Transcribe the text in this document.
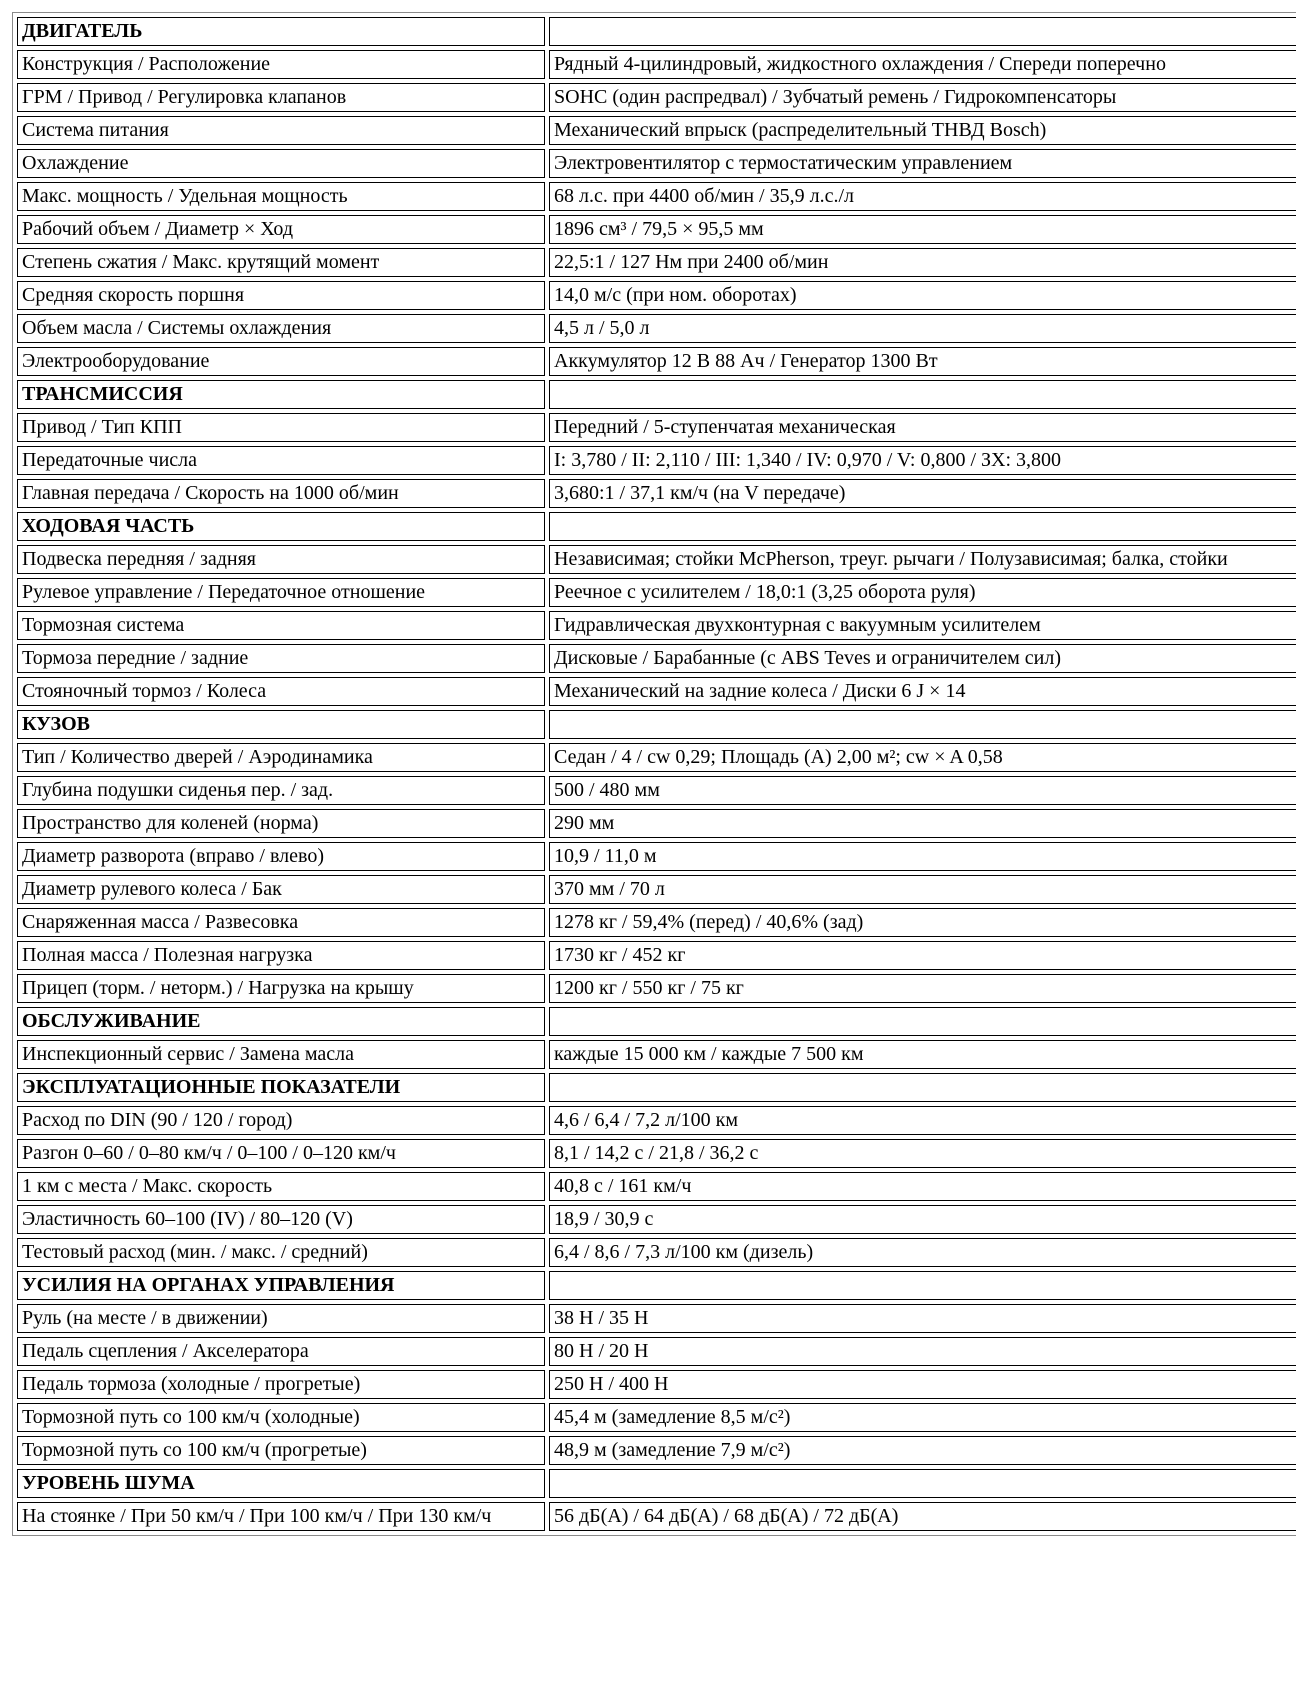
ДВИГАТЕЛЬ	
Конструкция / Расположение	Рядный 4-цилиндровый, жидкостного охлаждения / Спереди поперечно
ГРМ / Привод / Регулировка клапанов	SOHC (один распредвал) / Зубчатый ремень / Гидрокомпенсаторы
Система питания	Механический впрыск (распределительный ТНВД Bosch)
Охлаждение	Электровентилятор с термостатическим управлением
Макс. мощность / Удельная мощность	68 л.с. при 4400 об/мин / 35,9 л.с./л
Рабочий объем / Диаметр × Ход	1896 см³ / 79,5 × 95,5 мм
Степень сжатия / Макс. крутящий момент	22,5:1 / 127 Нм при 2400 об/мин
Средняя скорость поршня	14,0 м/с (при ном. оборотах)
Объем масла / Системы охлаждения	4,5 л / 5,0 л
Электрооборудование	Аккумулятор 12 В 88 Ач / Генератор 1300 Вт
ТРАНСМИССИЯ	
Привод / Тип КПП	Передний / 5-ступенчатая механическая
Передаточные числа	I: 3,780 / II: 2,110 / III: 1,340 / IV: 0,970 / V: 0,800 / ЗХ: 3,800
Главная передача / Скорость на 1000 об/мин	3,680:1 / 37,1 км/ч (на V передаче)
ХОДОВАЯ ЧАСТЬ	
Подвеска передняя / задняя	Независимая; стойки McPherson, треуг. рычаги / Полузависимая; балка, стойки
Рулевое управление / Передаточное отношение	Реечное с усилителем / 18,0:1 (3,25 оборота руля)
Тормозная система	Гидравлическая двухконтурная с вакуумным усилителем
Тормоза передние / задние	Дисковые / Барабанные (с ABS Teves и ограничителем сил)
Стояночный тормоз / Колеса	Механический на задние колеса / Диски 6 J × 14
КУЗОВ	
Тип / Количество дверей / Аэродинамика	Седан / 4 / cw 0,29; Площадь (A) 2,00 м²; cw × A 0,58
Глубина подушки сиденья пер. / зад.	500 / 480 мм
Пространство для коленей (норма)	290 мм
Диаметр разворота (вправо / влево)	10,9 / 11,0 м
Диаметр рулевого колеса / Бак	370 мм / 70 л
Снаряженная масса / Развесовка	1278 кг / 59,4% (перед) / 40,6% (зад)
Полная масса / Полезная нагрузка	1730 кг / 452 кг
Прицеп (торм. / неторм.) / Нагрузка на крышу	1200 кг / 550 кг / 75 кг
ОБСЛУЖИВАНИЕ	
Инспекционный сервис / Замена масла	каждые 15 000 км / каждые 7 500 км
ЭКСПЛУАТАЦИОННЫЕ ПОКАЗАТЕЛИ	
Расход по DIN (90 / 120 / город)	4,6 / 6,4 / 7,2 л/100 км
Разгон 0–60 / 0–80 км/ч / 0–100 / 0–120 км/ч	8,1 / 14,2 с / 21,8 / 36,2 с
1 км с места / Макс. скорость	40,8 с / 161 км/ч
Эластичность 60–100 (IV) / 80–120 (V)	18,9 / 30,9 с
Тестовый расход (мин. / макс. / средний)	6,4 / 8,6 / 7,3 л/100 км (дизель)
УСИЛИЯ НА ОРГАНАХ УПРАВЛЕНИЯ	
Руль (на месте / в движении)	38 Н / 35 Н
Педаль сцепления / Акселератора	80 Н / 20 Н
Педаль тормоза (холодные / прогретые)	250 Н / 400 Н
Тормозной путь со 100 км/ч (холодные)	45,4 м (замедление 8,5 м/с²)
Тормозной путь со 100 км/ч (прогретые)	48,9 м (замедление 7,9 м/с²)
УРОВЕНЬ ШУМА	
На стоянке / При 50 км/ч / При 100 км/ч / При 130 км/ч	56 дБ(A) / 64 дБ(A) / 68 дБ(A) / 72 дБ(A)
